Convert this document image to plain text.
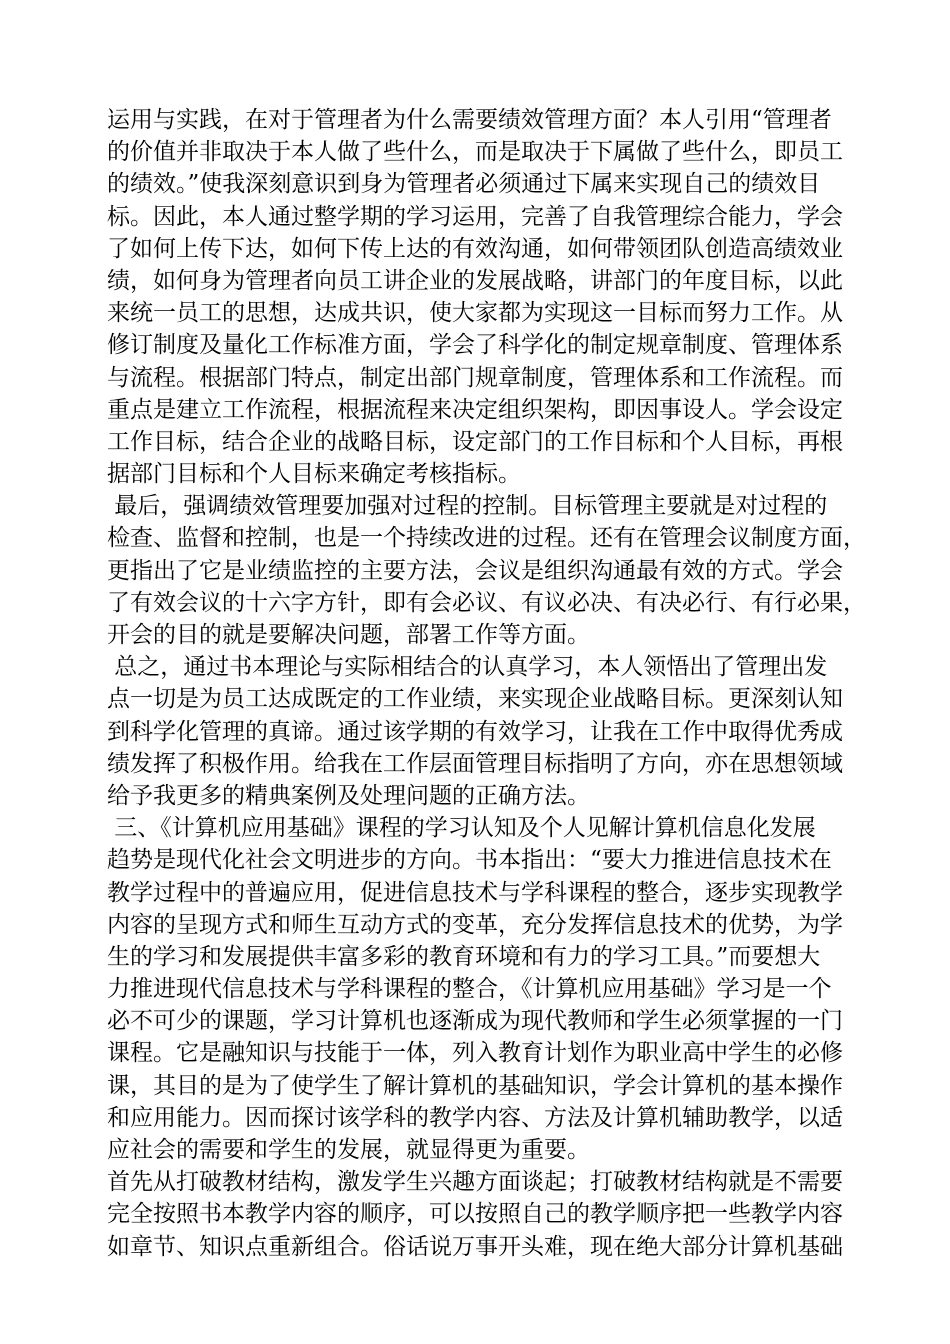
运用与实践，在对于管理者为什么需要绩效管理方面？本人引用“管理者
的价值并非取决于本人做了些什么，而是取决于下属做了些什么，即员工
的绩效。”使我深刻意识到身为管理者必须通过下属来实现自己的绩效目
标。因此，本人通过整学期的学习运用，完善了自我管理综合能力，学会
了如何上传下达，如何下传上达的有效沟通，如何带领团队创造高绩效业
绩，如何身为管理者向员工讲企业的发展战略，讲部门的年度目标，以此
来统一员工的思想，达成共识，使大家都为实现这一目标而努力工作。从
修订制度及量化工作标准方面，学会了科学化的制定规章制度、管理体系
与流程。根据部门特点，制定出部门规章制度，管理体系和工作流程。而
重点是建立工作流程，根据流程来决定组织架构，即因事设人。学会设定
工作目标，结合企业的战略目标，设定部门的工作目标和个人目标，再根
据部门目标和个人目标来确定考核指标。
最后，强调绩效管理要加强对过程的控制。目标管理主要就是对过程的
检查、监督和控制，也是一个持续改进的过程。还有在管理会议制度方面，
更指出了它是业绩监控的主要方法，会议是组织沟通最有效的方式。学会
了有效会议的十六字方针，即有会必议、有议必决、有决必行、有行必果，
开会的目的就是要解决问题，部署工作等方面。
总之，通过书本理论与实际相结合的认真学习，本人领悟出了管理出发
点一切是为员工达成既定的工作业绩，来实现企业战略目标。更深刻认知
到科学化管理的真谛。通过该学期的有效学习，让我在工作中取得优秀成
绩发挥了积极作用。给我在工作层面管理目标指明了方向，亦在思想领域
给予我更多的精典案例及处理问题的正确方法。
三、《计算机应用基础》课程的学习认知及个人见解计算机信息化发展
趋势是现代化社会文明进步的方向。书本指出：“要大力推进信息技术在
教学过程中的普遍应用，促进信息技术与学科课程的整合，逐步实现教学
内容的呈现方式和师生互动方式的变革，充分发挥信息技术的优势，为学
生的学习和发展提供丰富多彩的教育环境和有力的学习工具。”而要想大
力推进现代信息技术与学科课程的整合，《计算机应用基础》学习是一个
必不可少的课题，学习计算机也逐渐成为现代教师和学生必须掌握的一门
课程。它是融知识与技能于一体，列入教育计划作为职业高中学生的必修
课，其目的是为了使学生了解计算机的基础知识，学会计算机的基本操作
和应用能力。因而探讨该学科的教学内容、方法及计算机辅助教学，以适
应社会的需要和学生的发展，就显得更为重要。
首先从打破教材结构，激发学生兴趣方面谈起；打破教材结构就是不需要
完全按照书本教学内容的顺序，可以按照自己的教学顺序把一些教学内容
如章节、知识点重新组合。俗话说万事开头难，现在绝大部分计算机基础
